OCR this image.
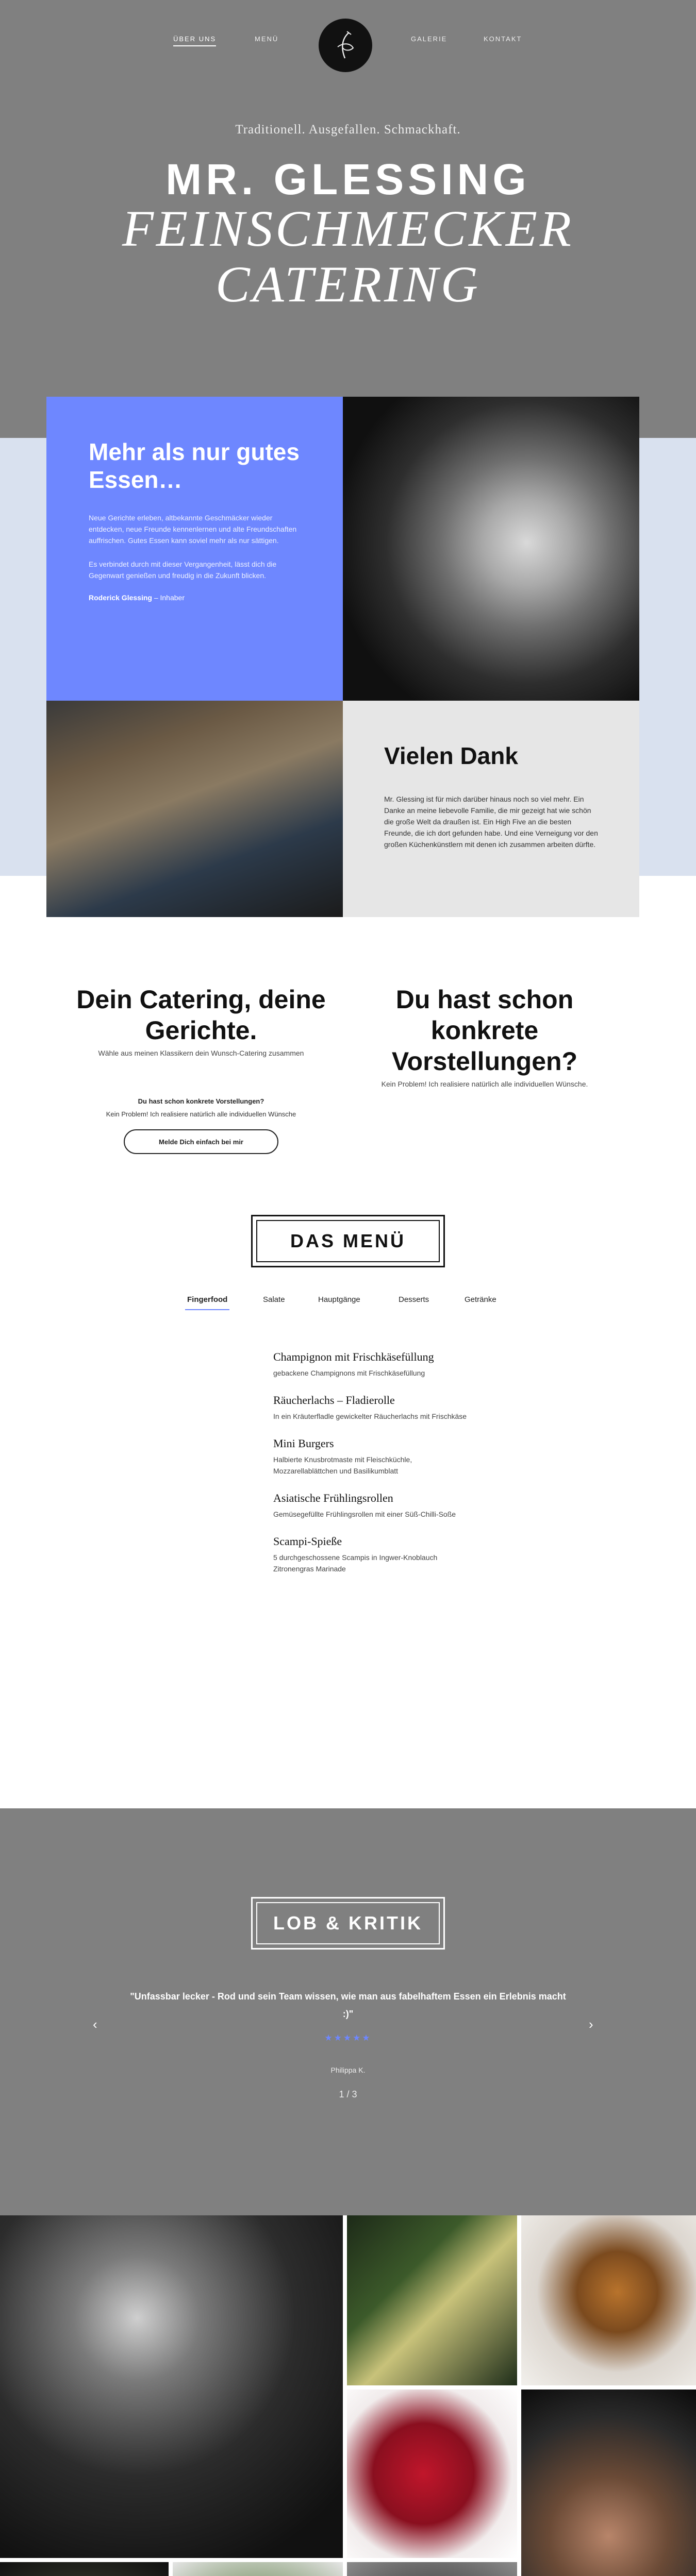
ÜBER UNS	MENÜ	GALERIE	KONTAKT
Traditionell. Ausgefallen. Schmackhaft.
MR. GLESSING
FEINSCHMECKER
CATERING
Mehr als nur gutes Essen…

Neue Gerichte erleben, altbekannte Geschmäcker wieder entdecken, neue Freunde kennenlernen und alte Freundschaften auffrischen. Gutes Essen kann soviel mehr als nur sättigen.

Es verbindet durch mit dieser Vergangenheit, lässt dich die Gegenwart genießen und freudig in die Zukunft blicken.

Roderick Glessing – Inhaber
Vielen Dank

Mr. Glessing ist für mich darüber hinaus noch so viel mehr. Ein Danke an meine liebevolle Familie, die mir gezeigt hat wie schön die große Welt da draußen ist. Ein High Five an die besten Freunde, die ich dort gefunden habe. Und eine Verneigung vor den großen Küchenkünstlern mit denen ich zusammen arbeiten dürfte.

Dein Catering, deine Gerichte.
Wähle aus meinen Klassikern dein Wunsch-Catering zusammen
Du hast schon konkrete Vorstellungen?
Kein Problem! Ich realisiere natürlich alle individuellen Wünsche.
Du hast schon konkrete Vorstellungen?
Kein Problem! Ich realisiere natürlich alle individuellen Wünsche
Melde Dich einfach bei mir
DAS MENÜ
Fingerfood	Salate	Hauptgänge	Desserts	Getränke
Champignon mit Frischkäsefüllung

gebackene Champignons mit Frischkäsefüllung

Räucherlachs – Fladierolle

In ein Kräuterfladle gewickelter Räucherlachs mit Frischkäse

Mini Burgers

Halbierte Knusbrotmaste mit Fleischküchle, Mozzarellablättchen und Basilikumblatt

Asiatische Frühlingsrollen

Gemüsegefüllte Frühlingsrollen mit einer Süß-Chilli-Soße

Scampi-Spieße

5 durchgeschossene Scampis in Ingwer-Knoblauch Zitronengras Marinade

LOB & KRITIK
‹
"Unfassbar lecker - Rod und sein Team wissen, wie man aus fabelhaftem Essen ein Erlebnis macht :)"
›
★★★★★
Philippa K.
1 / 3
